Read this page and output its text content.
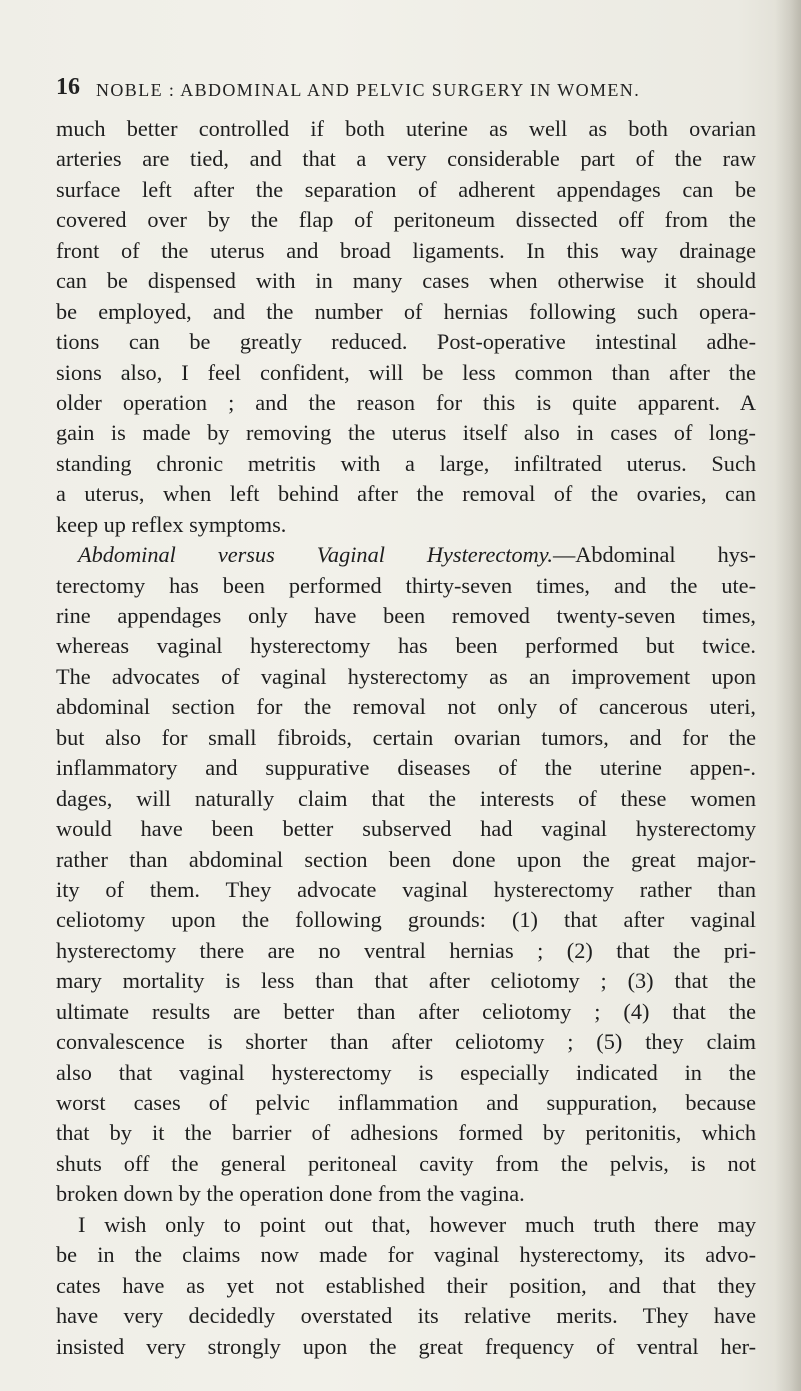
16 NOBLE : ABDOMINAL AND PELVIC SURGERY IN WOMEN.
much better controlled if both uterine as well as both ovarian
arteries are tied, and that a very considerable part of the raw
surface left after the separation of adherent appendages can be
covered over by the flap of peritoneum dissected off from the
front of the uterus and broad ligaments. In this way drainage
can be dispensed with in many cases when otherwise it should
be employed, and the number of hernias following such opera-
tions can be greatly reduced. Post-operative intestinal adhe-
sions also, I feel confident, will be less common than after the
older operation ; and the reason for this is quite apparent. A
gain is made by removing the uterus itself also in cases of long-
standing chronic metritis with a large, infiltrated uterus. Such
a uterus, when left behind after the removal of the ovaries, can
keep up reflex symptoms.
Abdominal versus Vaginal Hysterectomy.—Abdominal hys-
terectomy has been performed thirty-seven times, and the ute-
rine appendages only have been removed twenty-seven times,
whereas vaginal hysterectomy has been performed but twice.
The advocates of vaginal hysterectomy as an improvement upon
abdominal section for the removal not only of cancerous uteri,
but also for small fibroids, certain ovarian tumors, and for the
inflammatory and suppurative diseases of the uterine appen-.
dages, will naturally claim that the interests of these women
would have been better subserved had vaginal hysterectomy
rather than abdominal section been done upon the great major-
ity of them. They advocate vaginal hysterectomy rather than
celiotomy upon the following grounds: (1) that after vaginal
hysterectomy there are no ventral hernias ; (2) that the pri-
mary mortality is less than that after celiotomy ; (3) that the
ultimate results are better than after celiotomy ; (4) that the
convalescence is shorter than after celiotomy ; (5) they claim
also that vaginal hysterectomy is especially indicated in the
worst cases of pelvic inflammation and suppuration, because
that by it the barrier of adhesions formed by peritonitis, which
shuts off the general peritoneal cavity from the pelvis, is not
broken down by the operation done from the vagina.
I wish only to point out that, however much truth there may
be in the claims now made for vaginal hysterectomy, its advo-
cates have as yet not established their position, and that they
have very decidedly overstated its relative merits. They have
insisted very strongly upon the great frequency of ventral her-
